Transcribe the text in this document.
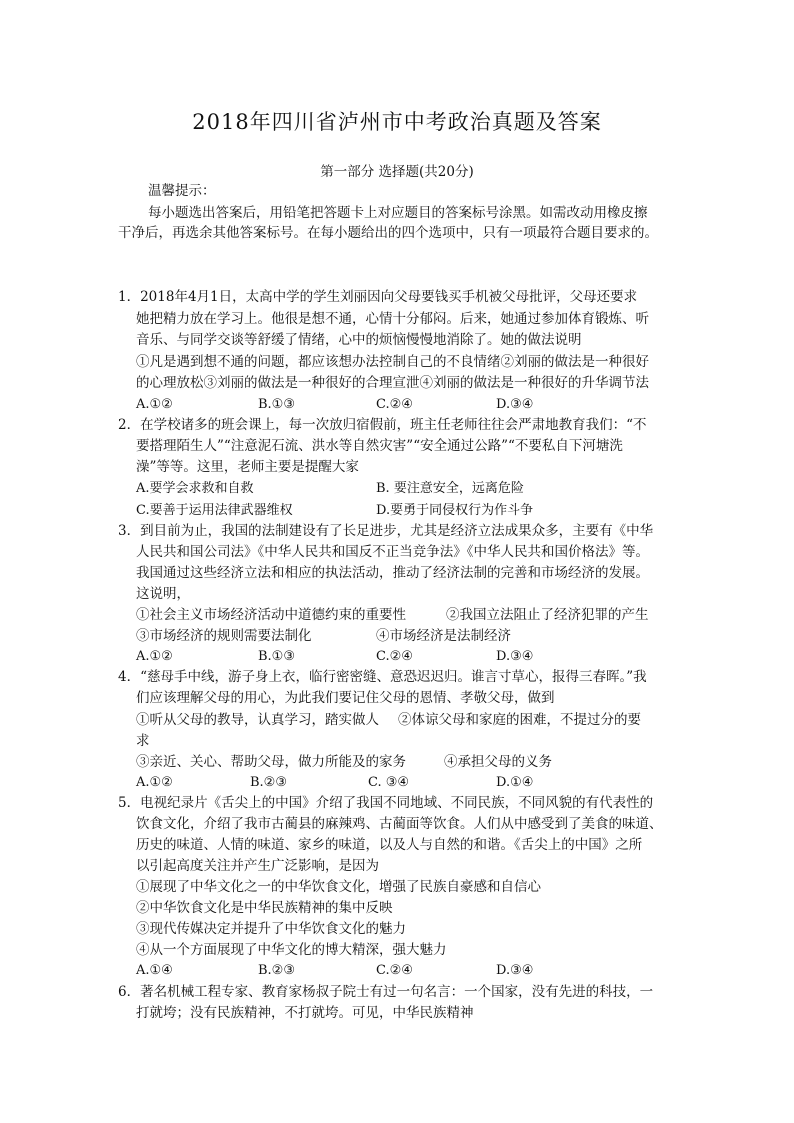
2018年四川省泸州市中考政治真题及答案
第一部分 选择题(共20分)
温馨提示：
每小题选出答案后，用铅笔把答题卡上对应题目的答案标号涂黑。如需改动用橡皮擦
干净后，再选余其他答案标号。在每小题给出的四个选项中，只有一项最符合题目要求的。
1．2018年4月1日，太高中学的学生刘丽因向父母要钱买手机被父母批评，父母还要求
她把精力放在学习上。他很是想不通，心情十分郁闷。后来，她通过参加体育锻炼、听
音乐、与同学交谈等舒缓了情绪，心中的烦恼慢慢地消除了。她的做法说明
①凡是遇到想不通的问题，都应该想办法控制自己的不良情绪②刘丽的做法是一种很好
的心理放松③刘丽的做法是一种很好的合理宣泄④刘丽的做法是一种很好的升华调节法
A.①②	B.①③	C.②④	D.③④
2．在学校诸多的班会课上，每一次放归宿假前，班主任老师往往会严肃地教育我们：“不
要搭理陌生人”“注意泥石流、洪水等自然灾害”“安全通过公路”“不要私自下河塘洗
澡”等等。这里，老师主要是提醒大家
A.要学会求救和自救	B. 要注意安全，远离危险
C.要善于运用法律武器维权	D.要勇于同侵权行为作斗争
3．到目前为止，我国的法制建设有了长足进步，尤其是经济立法成果众多，主要有《中华
人民共和国公司法》《中华人民共和国反不正当竞争法》《中华人民共和国价格法》等。
我国通过这些经济立法和相应的执法活动，推动了经济法制的完善和市场经济的发展。
这说明，
①社会主义市场经济活动中道德约束的重要性	②我国立法阻止了经济犯罪的产生
③市场经济的规则需要法制化	④市场经济是法制经济
A.①②	B.①③	C.②④	D.③④
4．“慈母手中线，游子身上衣，临行密密缝、意恐迟迟归。谁言寸草心，报得三春晖。”我
们应该理解父母的用心，为此我们要记住父母的恩情、孝敬父母，做到
①听从父母的教导，认真学习，踏实做人 ②体谅父母和家庭的困难，不提过分的要
求
③亲近、关心、帮助父母，做力所能及的家务	④承担父母的义务
A.①②	B.②③	C. ③④	D.①④
5．电视纪录片《舌尖上的中国》介绍了我国不同地域、不同民族，不同风貌的有代表性的
饮食文化，介绍了我市古蔺县的麻辣鸡、古蔺面等饮食。人们从中感受到了美食的味道、
历史的味道、人情的味道、家乡的味道，以及人与自然的和谐。《舌尖上的中国》之所
以引起高度关注并产生广泛影响，是因为
①展现了中华文化之一的中华饮食文化，增强了民族自豪感和自信心
②中华饮食文化是中华民族精神的集中反映
③现代传媒决定并提升了中华饮食文化的魅力
④从一个方面展现了中华文化的博大精深，强大魅力
A.①④	B.②③	C.②④	D.③④
6．著名机械工程专家、教育家杨叔子院士有过一句名言：一个国家，没有先进的科技，一
打就垮；没有民族精神，不打就垮。可见，中华民族精神
